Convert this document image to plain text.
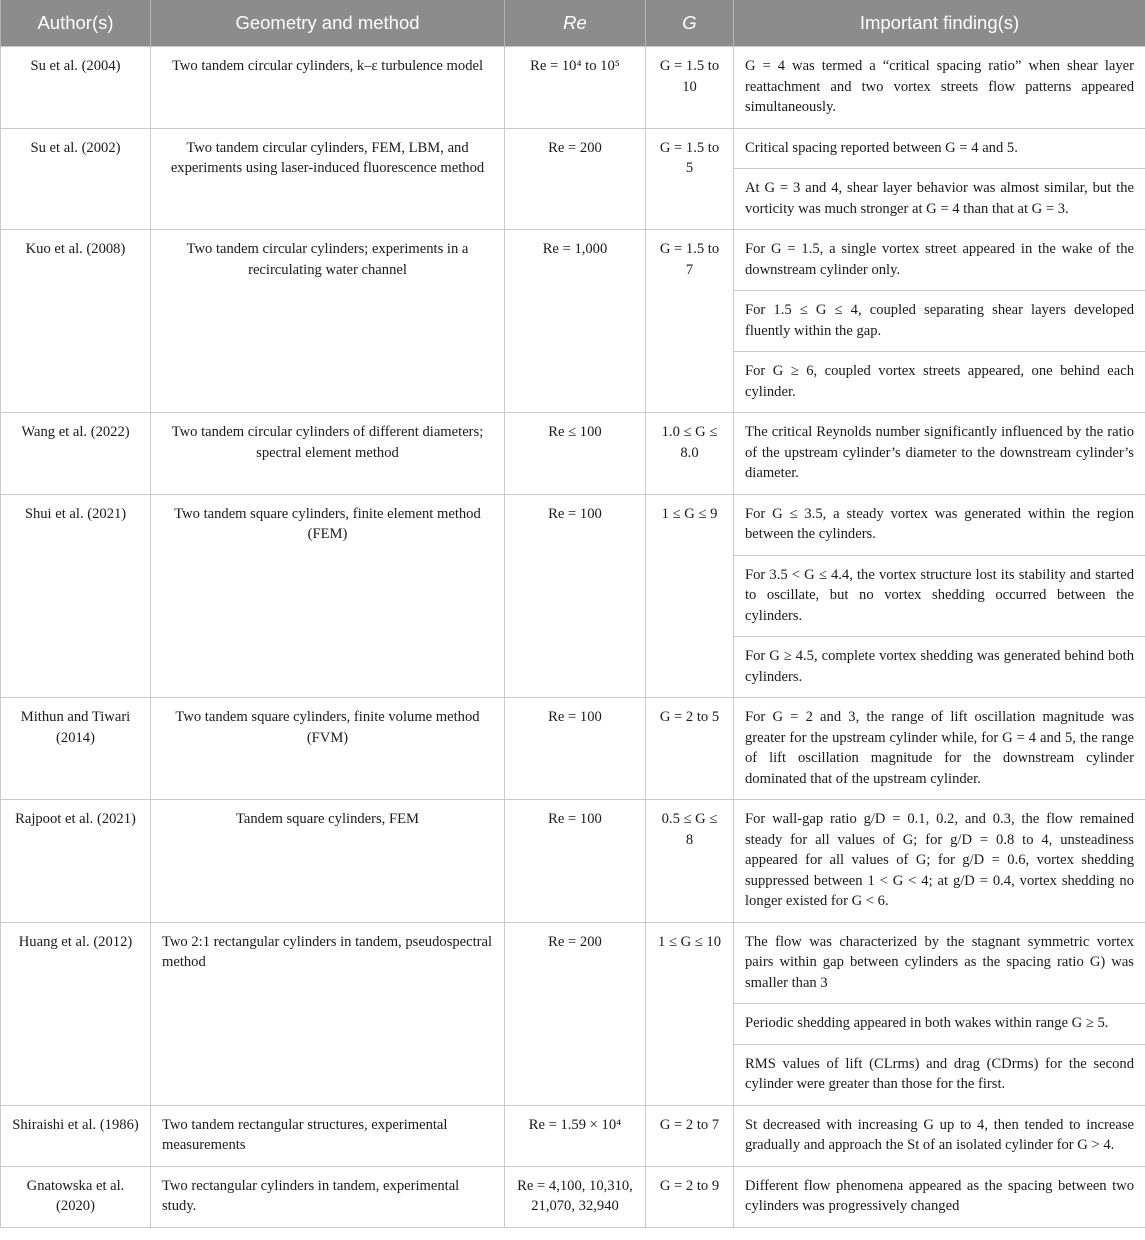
Author(s)	Geometry and method	Re	G	Important finding(s)
Su et al. (2004)	Two tandem circular cylinders, k–ε turbulence model	Re = 10⁴ to 10⁵	G = 1.5 to 10	G = 4 was termed a “critical spacing ratio” when shear layer reattachment and two vortex streets flow patterns appeared simultaneously.
Su et al. (2002)	Two tandem circular cylinders, FEM, LBM, and experiments using laser-induced fluorescence method	Re = 200	G = 1.5 to 5	Critical spacing reported between G = 4 and 5.
				At G = 3 and 4, shear layer behavior was almost similar, but the vorticity was much stronger at G = 4 than that at G = 3.
Kuo et al. (2008)	Two tandem circular cylinders; experiments in a recirculating water channel	Re = 1,000	G = 1.5 to 7	For G = 1.5, a single vortex street appeared in the wake of the downstream cylinder only.
				For 1.5 ≤ G ≤ 4, coupled separating shear layers developed fluently within the gap.
				For G ≥ 6, coupled vortex streets appeared, one behind each cylinder.
Wang et al. (2022)	Two tandem circular cylinders of different diameters; spectral element method	Re ≤ 100	1.0 ≤ G ≤ 8.0	The critical Reynolds number significantly influenced by the ratio of the upstream cylinder’s diameter to the downstream cylinder’s diameter.
Shui et al. (2021)	Two tandem square cylinders, finite element method (FEM)	Re = 100	1 ≤ G ≤ 9	For G ≤ 3.5, a steady vortex was generated within the region between the cylinders.
				For 3.5 < G ≤ 4.4, the vortex structure lost its stability and started to oscillate, but no vortex shedding occurred between the cylinders.
				For G ≥ 4.5, complete vortex shedding was generated behind both cylinders.
Mithun and Tiwari (2014)	Two tandem square cylinders, finite volume method (FVM)	Re = 100	G = 2 to 5	For G = 2 and 3, the range of lift oscillation magnitude was greater for the upstream cylinder while, for G = 4 and 5, the range of lift oscillation magnitude for the downstream cylinder dominated that of the upstream cylinder.
Rajpoot et al. (2021)	Tandem square cylinders, FEM	Re = 100	0.5 ≤ G ≤ 8	For wall-gap ratio g/D = 0.1, 0.2, and 0.3, the flow remained steady for all values of G; for g/D = 0.8 to 4, unsteadiness appeared for all values of G; for g/D = 0.6, vortex shedding suppressed between 1 < G < 4; at g/D = 0.4, vortex shedding no longer existed for G < 6.
Huang et al. (2012)	Two 2:1 rectangular cylinders in tandem, pseudospectral method	Re = 200	1 ≤ G ≤ 10	The flow was characterized by the stagnant symmetric vortex pairs within gap between cylinders as the spacing ratio G) was smaller than 3
				Periodic shedding appeared in both wakes within range G ≥ 5.
				RMS values of lift (CLrms) and drag (CDrms) for the second cylinder were greater than those for the first.
Shiraishi et al. (1986)	Two tandem rectangular structures, experimental measurements	Re = 1.59 × 10⁴	G = 2 to 7	St decreased with increasing G up to 4, then tended to increase gradually and approach the St of an isolated cylinder for G > 4.
Gnatowska et al. (2020)	Two rectangular cylinders in tandem, experimental study.	Re = 4,100, 10,310, 21,070, 32,940	G = 2 to 9	Different flow phenomena appeared as the spacing between two cylinders was progressively changed
